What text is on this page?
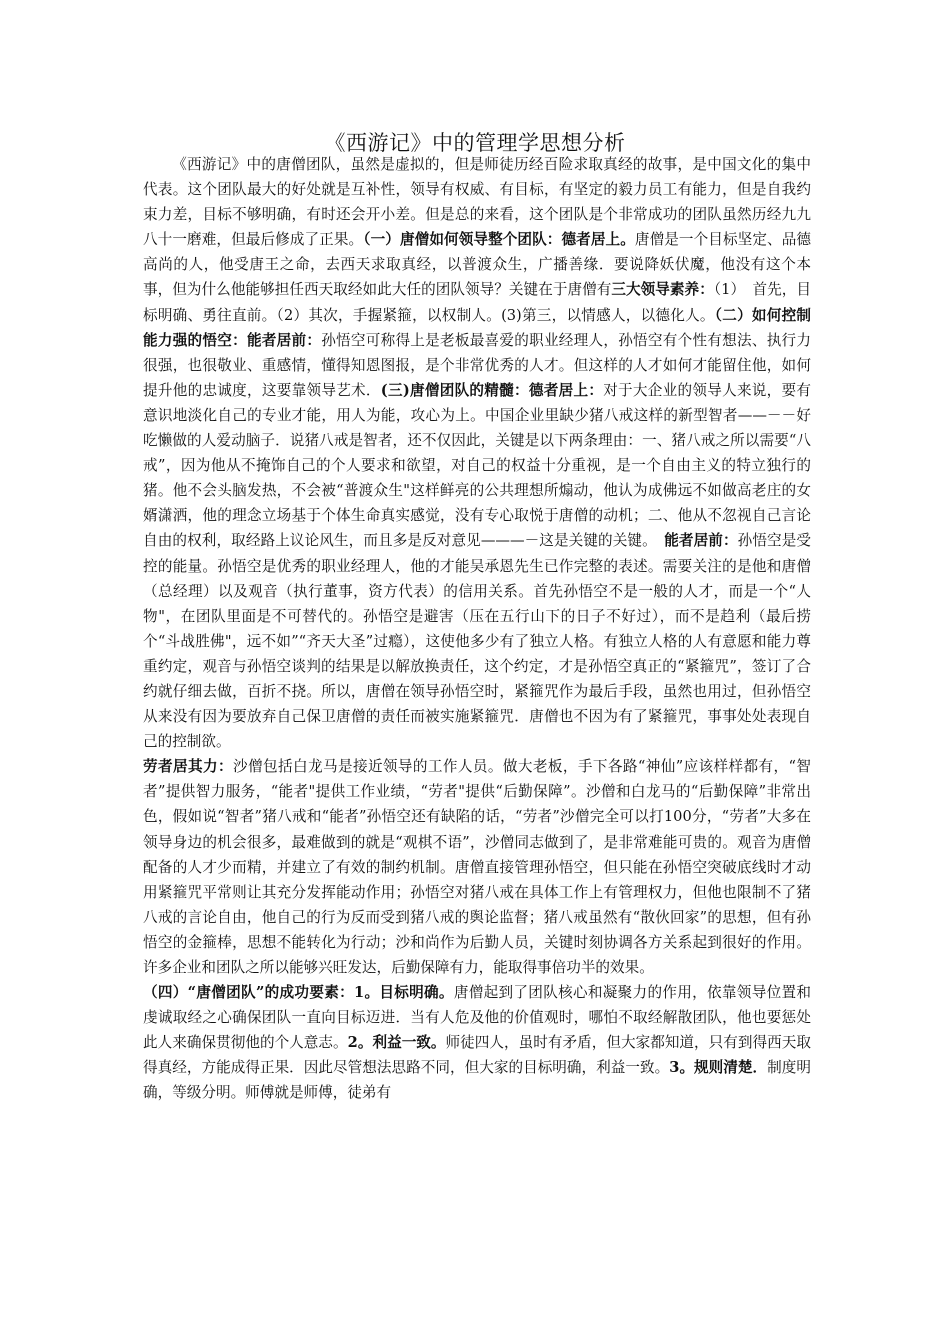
《西游记》中的管理学思想分析

《西游记》中的唐僧团队，虽然是虚拟的，但是师徒历经百险求取真经的故事，是中国文化的集中代表。这个团队最大的好处就是互补性，领导有权威、有目标，有坚定的毅力员工有能力，但是自我约束力差，目标不够明确，有时还会开小差。但是总的来看，这个团队是个非常成功的团队虽然历经九九八十一磨难，但最后修成了正果。（一）唐僧如何领导整个团队：德者居上。唐僧是一个目标坚定、品德高尚的人，他受唐王之命，去西天求取真经，以普渡众生，广播善缘．要说降妖伏魔，他没有这个本事，但为什么他能够担任西天取经如此大任的团队领导？关键在于唐僧有三大领导素养：（1）　首先，目标明确、勇往直前。（2）其次，手握紧箍，以权制人。(3)第三，以情感人，以德化人。（二）如何控制能力强的悟空：能者居前：孙悟空可称得上是老板最喜爱的职业经理人，孙悟空有个性有想法、执行力很强，也很敬业、重感情，懂得知恩图报，是个非常优秀的人才。但这样的人才如何才能留住他，如何提升他的忠诚度，这要靠领导艺术．(三)唐僧团队的精髓：德者居上：对于大企业的领导人来说，要有意识地淡化自己的专业才能，用人为能，攻心为上。中国企业里缺少猪八戒这样的新型智者——－－好吃懒做的人爱动脑子．说猪八戒是智者，还不仅因此，关键是以下两条理由：一、猪八戒之所以需要“八戒”，因为他从不掩饰自己的个人要求和欲望，对自己的权益十分重视，是一个自由主义的特立独行的猪。他不会头脑发热，不会被“普渡众生"这样鲜亮的公共理想所煽动，他认为成佛远不如做高老庄的女婿潇洒，他的理念立场基于个体生命真实感觉，没有专心取悦于唐僧的动机；二、他从不忽视自己言论自由的权利，取经路上议论风生，而且多是反对意见———－这是关键的关键。　能者居前：孙悟空是受控的能量。孙悟空是优秀的职业经理人，他的才能吴承恩先生已作完整的表述。需要关注的是他和唐僧（总经理）以及观音（执行董事，资方代表）的信用关系。首先孙悟空不是一般的人才，而是一个“人物"，在团队里面是不可替代的。孙悟空是避害（压在五行山下的日子不好过），而不是趋利（最后捞个“斗战胜佛"，远不如”“齐天大圣”过瘾），这使他多少有了独立人格。有独立人格的人有意愿和能力尊重约定，观音与孙悟空谈判的结果是以解放换责任，这个约定，才是孙悟空真正的“紧箍咒”，签订了合约就仔细去做，百折不挠。所以，唐僧在领导孙悟空时，紧箍咒作为最后手段，虽然也用过，但孙悟空从来没有因为要放弃自己保卫唐僧的责任而被实施紧箍咒．唐僧也不因为有了紧箍咒，事事处处表现自己的控制欲。

劳者居其力：沙僧包括白龙马是接近领导的工作人员。做大老板，手下各路“神仙”应该样样都有，“智者”提供智力服务，“能者"提供工作业绩，“劳者"提供“后勤保障”。沙僧和白龙马的“后勤保障”非常出色，假如说“智者”猪八戒和“能者”孙悟空还有缺陷的话，“劳者”沙僧完全可以打100分，“劳者”大多在领导身边的机会很多，最难做到的就是“观棋不语”，沙僧同志做到了，是非常难能可贵的。观音为唐僧配备的人才少而精，并建立了有效的制约机制。唐僧直接管理孙悟空，但只能在孙悟空突破底线时才动用紧箍咒平常则让其充分发挥能动作用；孙悟空对猪八戒在具体工作上有管理权力，但他也限制不了猪八戒的言论自由，他自己的行为反而受到猪八戒的舆论监督；猪八戒虽然有“散伙回家”的思想，但有孙悟空的金箍棒，思想不能转化为行动；沙和尚作为后勤人员，关键时刻协调各方关系起到很好的作用。许多企业和团队之所以能够兴旺发达，后勤保障有力，能取得事倍功半的效果。

（四）“唐僧团队”的成功要素：1。目标明确。唐僧起到了团队核心和凝聚力的作用，依靠领导位置和虔诚取经之心确保团队一直向目标迈进．当有人危及他的价值观时，哪怕不取经解散团队，他也要惩处此人来确保贯彻他的个人意志。2。利益一致。师徒四人，虽时有矛盾，但大家都知道，只有到得西天取得真经，方能成得正果．因此尽管想法思路不同，但大家的目标明确，利益一致。3。规则清楚．制度明确，等级分明。师傅就是师傅，徒弟有
